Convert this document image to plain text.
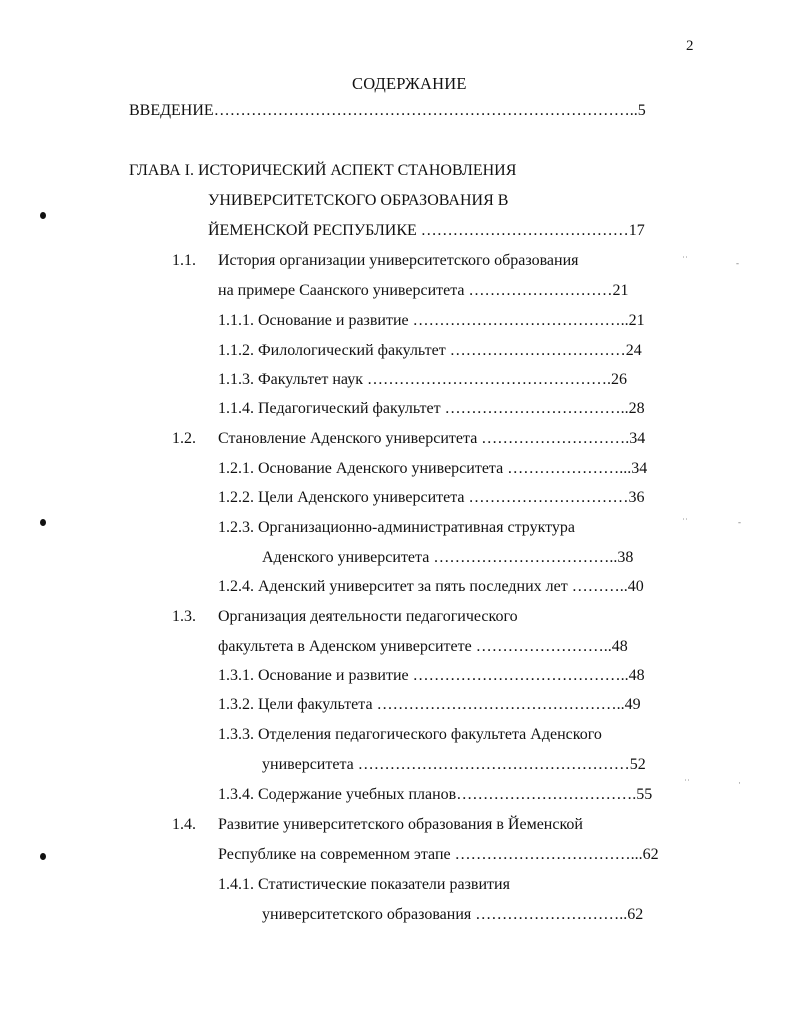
2
СОДЕРЖАНИЕ
ВВЕДЕНИЕ……………………………………………………………………..5
ГЛАВА I. ИСТОРИЧЕСКИЙ АСПЕКТ СТАНОВЛЕНИЯ
УНИВЕРСИТЕТСКОГО ОБРАЗОВАНИЯ В
ЙЕМЕНСКОЙ РЕСПУБЛИКЕ …………………………………17
1.1. История организации университетского образования
на примере Саанского университета ………………………21
1.1.1. Основание и развитие …………………………………..21
1.1.2. Филологический факультет ……………………………24
1.1.3. Факультет наук ……………………………………….26
1.1.4. Педагогический факультет ……………………………..28
1.2. Становление Аденского университета ……………………….34
1.2.1. Основание Аденского университета …………………...34
1.2.2. Цели Аденского университета …………………………36
1.2.3. Организационно-административная структура
Аденского университета ……………………………..38
1.2.4. Аденский университет за пять последних лет ………..40
1.3. Организация деятельности педагогического
факультета в Аденском университете ……………………..48
1.3.1. Основание и развитие …………………………………..48
1.3.2. Цели факультета ………………………………………..49
1.3.3. Отделения педагогического факультета Аденского
университета ……………………………………………52
1.3.4. Содержание учебных планов…………………………….55
1.4. Развитие университетского образования в Йеменской
Республике на современном этапе ……………………………...62
1.4.1. Статистические показатели развития
университетского образования ………………………..62
˙˙	-
˙˙	-
˙˙	·
